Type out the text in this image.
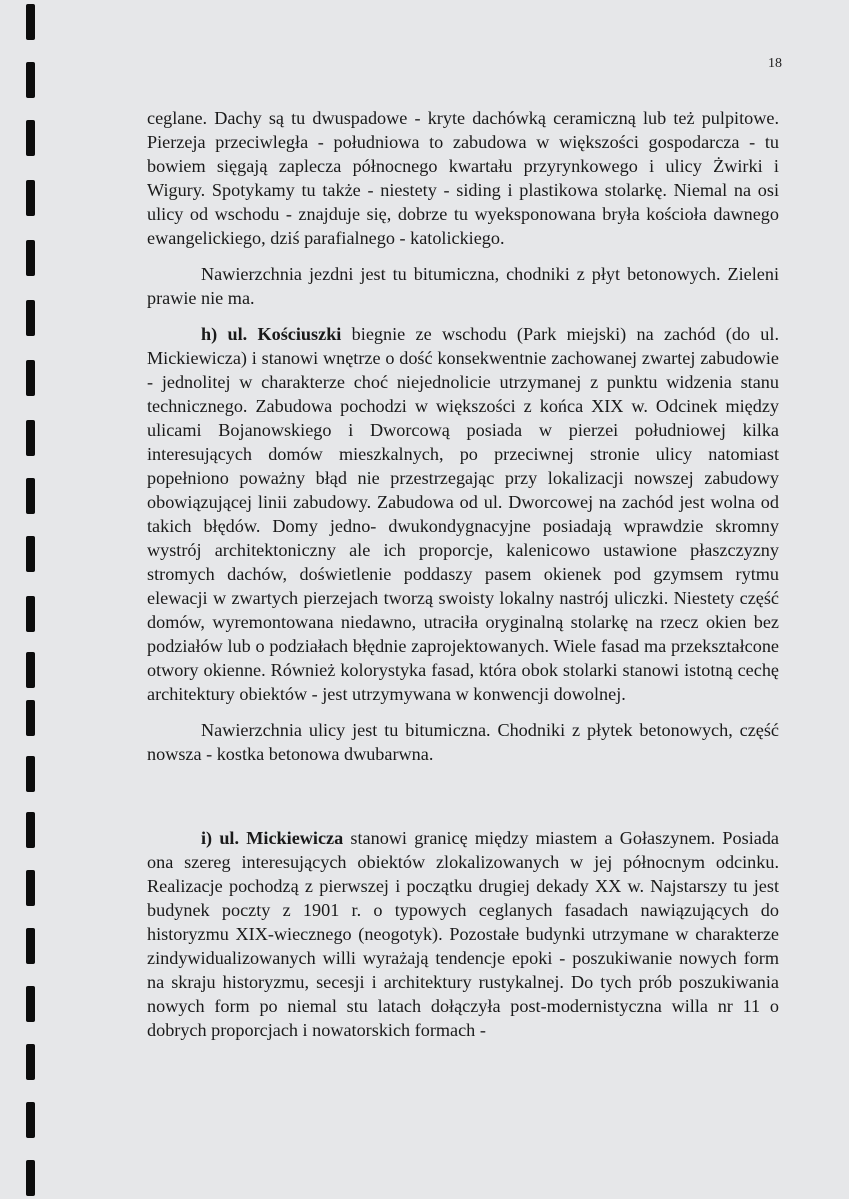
18

ceglane. Dachy są tu dwuspadowe - kryte dachówką ceramiczną lub też pulpitowe. Pierzeja przeciwległa - południowa to zabudowa w większości gospodarcza - tu bowiem sięgają zaplecza północnego kwartału przyrynkowego i ulicy Żwirki i Wigury. Spotykamy tu także - niestety - siding i plastikowa stolarkę. Niemal na osi ulicy od wschodu - znajduje się, dobrze tu wyeksponowana bryła kościoła dawnego ewangelickiego, dziś parafialnego - katolickiego.

Nawierzchnia jezdni jest tu bitumiczna, chodniki z płyt betonowych. Zieleni prawie nie ma.

h) ul. Kościuszki biegnie ze wschodu (Park miejski) na zachód (do ul. Mickiewicza) i stanowi wnętrze o dość konsekwentnie zachowanej zwartej zabudowie - jednolitej w charakterze choć niejednolicie utrzymanej z punktu widzenia stanu technicznego. Zabudowa pochodzi w większości z końca XIX w. Odcinek między ulicami Bojanowskiego i Dworcową posiada w pierzei południowej kilka interesujących domów mieszkalnych, po przeciwnej stronie ulicy natomiast popełniono poważny błąd nie przestrzegając przy lokalizacji nowszej zabudowy obowiązującej linii zabudowy. Zabudowa od ul. Dworcowej na zachód jest wolna od takich błędów. Domy jedno- dwukondygnacyjne posiadają wprawdzie skromny wystrój architektoniczny ale ich proporcje, kalenicowo ustawione płaszczyzny stromych dachów, doświetlenie poddaszy pasem okienek pod gzymsem rytmu elewacji w zwartych pierzejach tworzą swoisty lokalny nastrój uliczki. Niestety część domów, wyremontowana niedawno, utraciła oryginalną stolarkę na rzecz okien bez podziałów lub o podziałach błędnie zaprojektowanych. Wiele fasad ma przekształcone otwory okienne. Również kolorystyka fasad, która obok stolarki stanowi istotną cechę architektury obiektów - jest utrzymywana w konwencji dowolnej.

Nawierzchnia ulicy jest tu bitumiczna. Chodniki z płytek betonowych, część nowsza - kostka betonowa dwubarwna.

i) ul. Mickiewicza stanowi granicę między miastem a Gołaszynem. Posiada ona szereg interesujących obiektów zlokalizowanych w jej północnym odcinku. Realizacje pochodzą z pierwszej i początku drugiej dekady XX w. Najstarszy tu jest budynek poczty z 1901 r. o typowych ceglanych fasadach nawiązujących do historyzmu XIX-wiecznego (neogotyk). Pozostałe budynki utrzymane w charakterze zindywidualizowanych willi wyrażają tendencje epoki - poszukiwanie nowych form na skraju historyzmu, secesji i architektury rustykalnej. Do tych prób poszukiwania nowych form po niemal stu latach dołączyła post-modernistyczna willa nr 11 o dobrych proporcjach i nowatorskich formach -
